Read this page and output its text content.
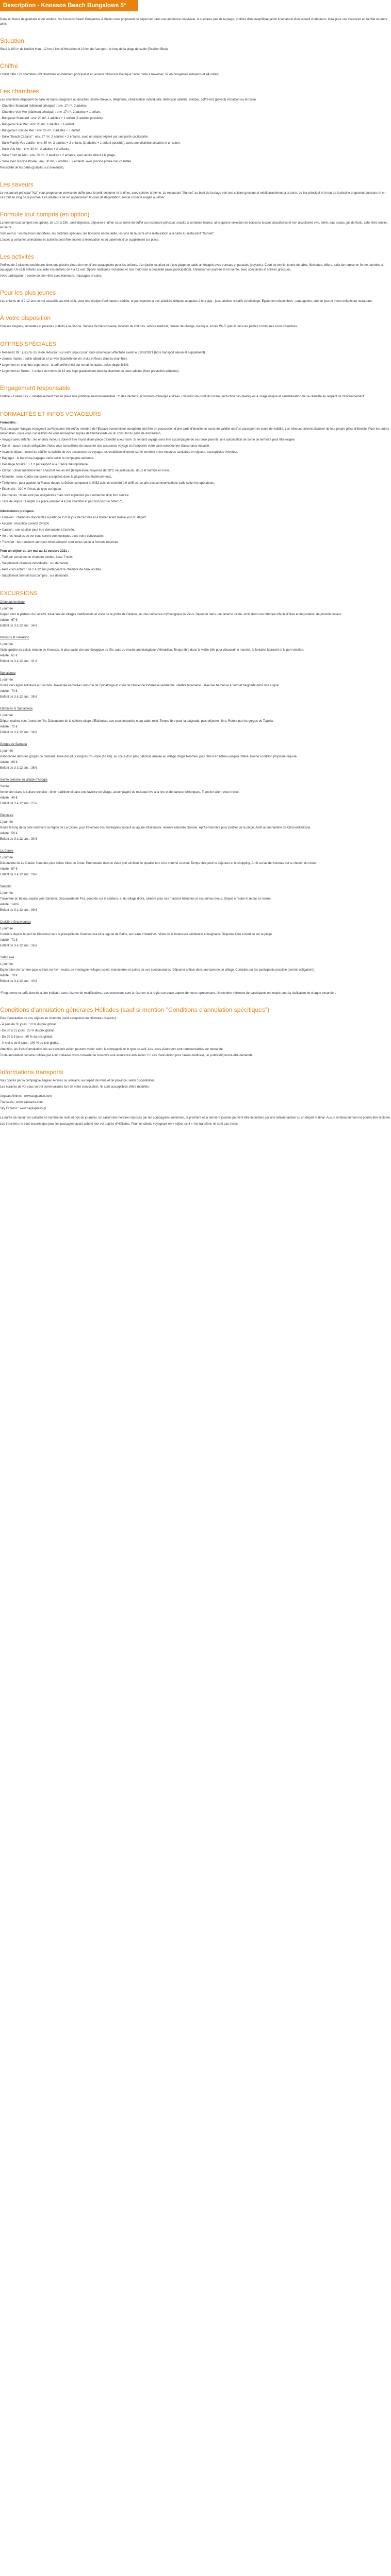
Description - Knossos Beach Bungalows 5*

Dans un havre de quiétude et de verdure, les Knossos Beach Bungalows & Suites vous proposent de séjourner dans une ambiance conviviale. À quelques pas de la plage, profitez d'un magnifique jardin luxuriant et d'un accueil chaleureux, idéal pour vos vacances en famille ou entre amis.

Situation

Situé à 100 m de Kokkini Hani, 12 km à l'est d'Héraklion et 10 km de l'aéroport, le long de la plage de sable (Pavillon Bleu).

Chiffré

L'hôtel offre 179 chambres (93 chambres en bâtiment principal et en annexe "Knossos Boutique" avec route à traverser, 52 en bungalows mitoyens et 44 suites).

Les chambres

Les chambres disposent de salle de bains (baignoire ou douche), sèche-cheveux, téléphone, climatisation individuelle, télévision satellite, minibar, coffre-fort (payant) et balcon ou terrasse.

- Chambre Standard (bâtiment principal) : env. 17 m², 2 adultes.

- Chambre Vue Mer (bâtiment principal) : env. 17 m², 2 adultes + 1 enfant.

- Bungalow Standard : env. 20 m², 2 adultes + 1 enfant (3 adultes possible).

- Bungalow Vue Mer : env. 20 m², 2 adultes + 1 enfant.

- Bungalow Front de Mer : env. 22 m², 2 adultes + 1 enfant.

- Suite "Beach Cabana" : env. 27 m², 2 adultes + 2 enfants, avec un séjour séparé par une porte coulissante.

- Suite Family Vue Jardin : env. 30 m², 2 adultes + 2 enfants (3 adultes + 1 enfant possible), avec une chambre séparée et un salon.

- Suite Vue Mer : env. 30 m², 2 adultes + 2 enfants.

- Suite Front de Mer : env. 30 m², 2 adultes + 2 enfants, avec accès direct à la plage.

- Suite avec Piscine Privée : env. 30 m², 2 adultes + 2 enfants, avec piscine privée non chauffée.

Possibilité de lits bébé (gratuits, sur demande).

Les saveurs

Le restaurant principal "Koi" vous propose un service de buffet pour le petit-déjeuner et le dîner, avec soirées à thème. Le restaurant "Sunset" au bord de la plage sert une cuisine grecque et méditerranéenne à la carte. Le bar principal et le bar de la piscine proposent boissons et en-cas tout au long de la journée. Les amateurs de vin apprécieront la cave de dégustation. Tenue correcte exigée au dîner.

Formule tout compris (en option)

La formule tout compris (en option), de 10h à 23h : petit-déjeuner, déjeuner et dîner sous forme de buffet au restaurant principal, snacks à certaines heures, ainsi qu'une sélection de boissons locales alcoolisées et non alcoolisées (vin, bière, eau, sodas, jus de fruits, café, thé) servies au verre.

Sont exclus : les boissons importées, les cocktails spéciaux, les boissons en bouteille, les vins de la carte et la restauration à la carte au restaurant "Sunset".

L'accès à certaines animations et activités peut être soumis à réservation et au paiement d'un supplément sur place.

Les activités

Profitez de 2 piscines extérieures dont une piscine d'eau de mer, d'une pataugeoire pour les enfants, d'un jardin luxuriant et d'une plage de sable aménagée avec transats et parasols (payants). Court de tennis, tennis de table, fléchettes, billard, salle de remise en forme, aérobic et aquagym. Un club enfants accueille vos enfants de 4 à 12 ans. Sports nautiques motorisés et non motorisés à proximité (avec participation). Animation en journée et en soirée, avec spectacles et soirées grecques.

Avec participation : centre de bien-être avec hammam, massages et soins.

Pour les plus jeunes

Les enfants de 4 à 12 ans seront accueillis au mini-club, avec une équipe d'animateurs dédiée, et participeront à des activités ludiques adaptées à leur âge : jeux, ateliers créatifs et bricolage. Également disponibles : pataugeoire, aire de jeux et menu enfants au restaurant.

À votre disposition

Chaises longues, serviettes et parasols gratuits à la piscine. Service de blanchisserie, location de voitures, service médical, bureau de change, boutique. Accès Wi-Fi gratuit dans les parties communes et les chambres.

OFFRES SPÉCIALES

• Réservez tôt : jusqu'à -25 % de réduction sur votre séjour pour toute réservation effectuée avant le 31/03/2021 (hors transport aérien et supplément).

• Jeunes mariés : petite attention à l'arrivée (bouteille de vin, fruits et fleurs dans la chambre).

• Logement en chambre supérieure : à tarif préférentiel sur certaines dates, selon disponibilité.

• Logement en Suites : 1 enfant de moins de 12 ans logé gratuitement dans la chambre de deux adultes (hors prestation aérienne).

Engagement responsable

Certifié « Green Key », l'établissement met en place une politique environnementale : tri des déchets, économies d'énergie et d'eau, utilisation de produits locaux, réduction des plastiques à usage unique et sensibilisation de sa clientèle au respect de l'environnement.

FORMALITÉS ET INFOS VOYAGEURS

Formalités :

Tout passager français voyageant au Royaume-Uni (et/ou membre de l'Espace économique européen) doit être en possession d'une carte d'identité en cours de validité ou d'un passeport en cours de validité. Les mineurs doivent disposer de leur propre pièce d'identité. Pour les autres nationalités, nous vous conseillons de vous renseigner auprès de l'ambassade ou du consulat du pays de destination.

• Voyage avec enfants : les enfants mineurs doivent être munis d'une pièce d'identité à leur nom. Si l'enfant voyage sans être accompagné de ses deux parents, une autorisation de sortie de territoire peut être exigée.

• Santé : aucun vaccin obligatoire. Nous vous conseillons de souscrire une assurance voyage et d'emporter votre carte européenne d'assurance maladie.

• Avant le départ : merci de vérifier la validité de vos documents de voyage, les conditions d'entrée sur le territoire et les mesures sanitaires en vigueur, susceptibles d'évoluer.

• Bagages : la franchise bagages varie selon la compagnie aérienne.

• Décalage horaire : + 1 h par rapport à la France métropolitaine.

• Climat : climat méditerranéen chaud et sec en été (température moyenne de 28°C en juillet/août), doux et humide en hiver.

• Monnaie : euro. Cartes bancaires acceptées dans la plupart des établissements.

• Téléphone : pour appeler la France depuis la Grèce, composer le 0033 suivi du numéro à 9 chiffres. Le prix des communications varie selon les opérateurs.

• Électricité : 220 V. Prises de type européen.

• Pourboires : ils ne sont pas obligatoires mais sont appréciés pour remercier d'un bon service.

• Taxe de séjour : à régler sur place (environ 4 € par chambre et par nuit pour un hôtel 5*).

Informations pratiques :

• Horaires : chambres disponibles à partir de 15h le jour de l'arrivée et à libérer avant midi le jour du départ.

• Accueil : réception ouverte 24h/24.

• Caution : une caution peut être demandée à l'arrivée.

• Vol : les horaires de vol vous seront communiqués avec votre convocation.

• Transfert : les transferts aéroport-hôtel-aéroport sont inclus selon la formule réservée.

Pour un séjour du 1er mai au 31 octobre 2021 :

- Tarif par personne en chambre double, base 7 nuits.

- Supplément chambre individuelle : sur demande.

- Réduction enfant : de 2 à 12 ans partageant la chambre de deux adultes.

- Supplément formule tout compris : sur demande.

EXCURSIONS

Crète authentique

1 journée

Départ vers le plateau du Lassithi, traversée de villages traditionnels et visite de la grotte de Dikteon, lieu de naissance mythologique de Zeus. Déjeuner dans une taverne locale. Arrêt dans une fabrique d'huile d'olive et dégustation de produits locaux.

Adulte : 67 €

Enfant de 3 à 12 ans : 34 €

Knossos et Héraklion

1 journée

Visite guidée du palais minoen de Knossos, le plus vaste site archéologique de l'île, puis du musée archéologique d'Héraklion. Temps libre dans la vieille ville pour découvrir le marché, la fontaine Morosini et le port vénitien.

Adulte : 61 €

Enfant de 3 à 12 ans : 31 €

Spinalonga

1 journée

Route vers Agios Nikolaos et Elounda. Traversée en bateau vers l'île de Spinalonga et visite de l'ancienne forteresse vénitienne, célèbre léproserie. Déjeuner barbecue à bord et baignade dans une crique.

Adulte : 70 €

Enfant de 3 à 12 ans : 35 €

Elafonissi & Spinalonga

1 journée

Départ matinal vers l'ouest de l'île. Découverte de la célèbre plage d'Elafonissi, aux eaux turquoise et au sable rosé. Temps libre pour la baignade, puis déjeuner libre. Retour par les gorges de Topolia.

Adulte : 72 €

Enfant de 3 à 12 ans : 36 €

Gorges de Samaria

1 journée

Randonnée dans les gorges de Samaria, l'une des plus longues d'Europe (16 km), au cœur d'un parc national. Arrivée au village d'Agia Roumeli, puis retour en bateau jusqu'à Sfakia. Bonne condition physique requise.

Adulte : 69 €

Enfant de 3 à 12 ans : 35 €

Soirée crétoise au village d'Anogia

Soirée

Immersion dans la culture crétoise : dîner traditionnel dans une taverne de village, accompagné de musique live à la lyre et de danses folkloriques. Transfert aller-retour inclus.

Adulte : 49 €

Enfant de 3 à 12 ans : 25 €

Elafonissi

1 journée

Route le long de la côte nord vers la région de La Canée, puis traversée des montagnes jusqu'à la lagune d'Elafonissi, réserve naturelle classée. Après-midi libre pour profiter de la plage. Arrêt au monastère de Chrissoskalitissa.

Adulte : 59 €

Enfant de 3 à 12 ans : 30 €

La Canée

1 journée

Découverte de La Canée, l'une des plus belles villes de Crète. Promenade dans le vieux port vénitien, le quartier turc et le marché couvert. Temps libre pour le déjeuner et le shopping. Arrêt au lac de Kournas sur le chemin du retour.

Adulte : 57 €

Enfant de 3 à 12 ans : 29 €

Santorin

1 journée

Traversée en bateau rapide vers Santorin. Découverte de Fira, perchée sur la caldeira, et du village d'Oia, célèbre pour ses maisons blanches et ses dômes bleus. Départ à l'aube et retour en soirée.

Adulte : 149 €

Enfant de 3 à 12 ans : 99 €

Croisière Gramvoussa

1 journée

Croisière depuis le port de Kissamos vers la presqu'île de Gramvoussa et la lagune de Balos, aux eaux cristallines. Visite de la forteresse vénitienne et baignade. Déjeuner libre à bord ou sur la plage.

Adulte : 71 €

Enfant de 3 à 12 ans : 36 €

Safari 4x4

1 journée

Exploration de l'arrière-pays crétois en 4x4 : routes de montagne, villages isolés, monastères et points de vue spectaculaires. Déjeuner crétois dans une taverne de village. Conduite par les participants possible (permis obligatoire).

Adulte : 79 €

Enfant de 3 à 12 ans : 40 €

*Programme et tarifs donnés à titre indicatif, sous réserve de modifications. Les excursions sont à réserver et à régler sur place auprès de notre représentant. Un nombre minimum de participants est requis pour la réalisation de chaque excursion.

Conditions d'annulation générales Héliades (sauf si mention "Conditions d'annulation spécifiques")

Pour l'annulation de vos séjours en chambre (sauf exceptions mentionnées ci-après) :

- À plus de 30 jours : 10 % du prix global.

- De 30 à 21 jours : 25 % du prix global.

- De 20 à 8 jours : 50 % du prix global.

- À moins de 8 jours : 100 % du prix global.

Attention, les frais d'annulation liés au transport aérien peuvent varier selon la compagnie et le type de tarif. Les taxes d'aéroport sont remboursables sur demande.

Toute annulation doit être notifiée par écrit. Héliades vous conseille de souscrire une assurance annulation. En cas d'annulation pour raison médicale, un justificatif pourra être demandé.

Informations transports

Vols opérés par la compagnie Aegean Airlines ou similaire, au départ de Paris et de province, selon disponibilités.

Les horaires de vol vous seront communiqués lors de votre convocation. Ils sont susceptibles d'être modifiés.

Aegean Airlines : www.aegeanair.com

Transavia : www.transavia.com

Sky Express : www.skyexpress.gr

La durée de séjour est calculée en nombre de nuits et non de journées. En raison des horaires imposés par les compagnies aériennes, la première et la dernière journée peuvent être écourtées par une arrivée tardive ou un départ matinal. Aucun remboursement ne pourra être réclamé.

Les transferts ne sont assurés que pour les passagers ayant acheté leur vol auprès d'Héliades. Pour les clients voyageant en « séjour seul », les transferts ne sont pas inclus.
